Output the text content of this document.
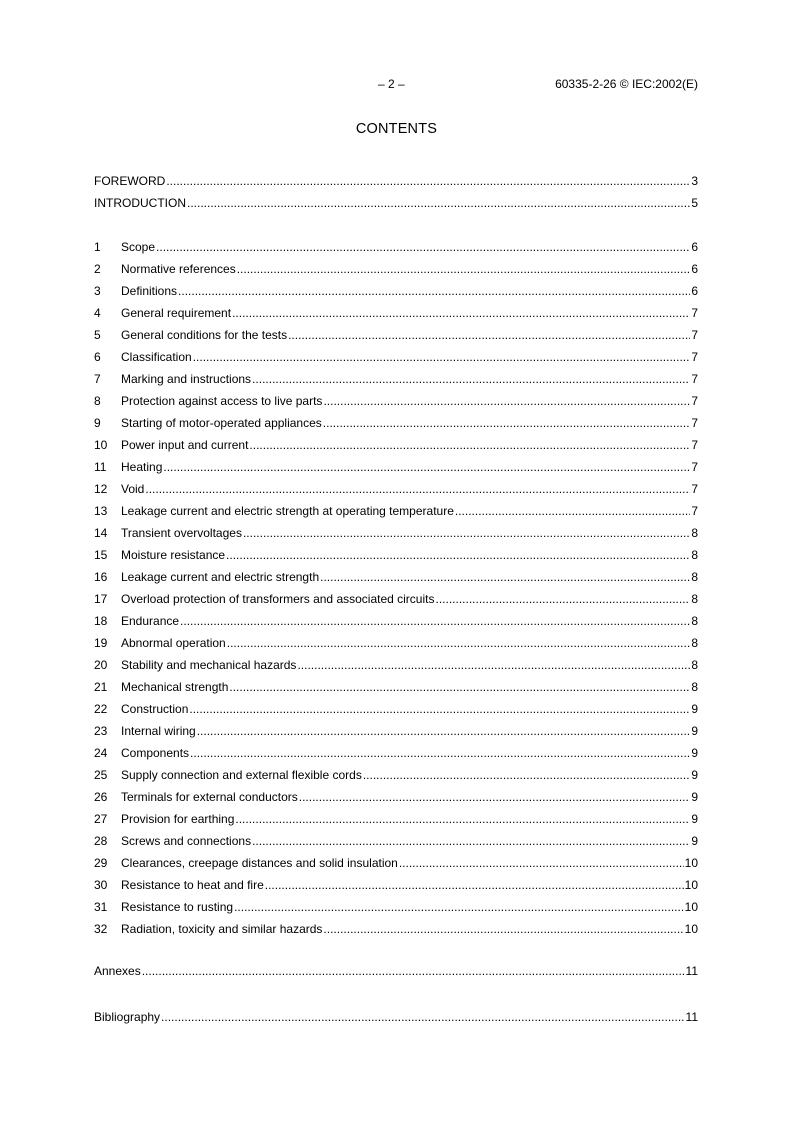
– 2 –	60335-2-26 © IEC:2002(E)
CONTENTS
FOREWORD .....	3
INTRODUCTION .....	5
1	Scope .....	6
2	Normative references .....	6
3	Definitions .....	6
4	General requirement .....	7
5	General conditions for the tests .....	7
6	Classification .....	7
7	Marking and instructions .....	7
8	Protection against access to live parts .....	7
9	Starting of motor-operated appliances .....	7
10	Power input and current .....	7
11	Heating .....	7
12	Void .....	7
13	Leakage current and electric strength at operating temperature .....	7
14	Transient overvoltages .....	8
15	Moisture resistance .....	8
16	Leakage current and electric strength .....	8
17	Overload protection of transformers and associated circuits .....	8
18	Endurance .....	8
19	Abnormal operation .....	8
20	Stability and mechanical hazards .....	8
21	Mechanical strength .....	8
22	Construction .....	9
23	Internal wiring .....	9
24	Components .....	9
25	Supply connection and external flexible cords .....	9
26	Terminals for external conductors .....	9
27	Provision for earthing .....	9
28	Screws and connections .....	9
29	Clearances, creepage distances and solid insulation .....	10
30	Resistance to heat and fire .....	10
31	Resistance to rusting .....	10
32	Radiation, toxicity and similar hazards .....	10
Annexes .....	11
Bibliography .....	11
